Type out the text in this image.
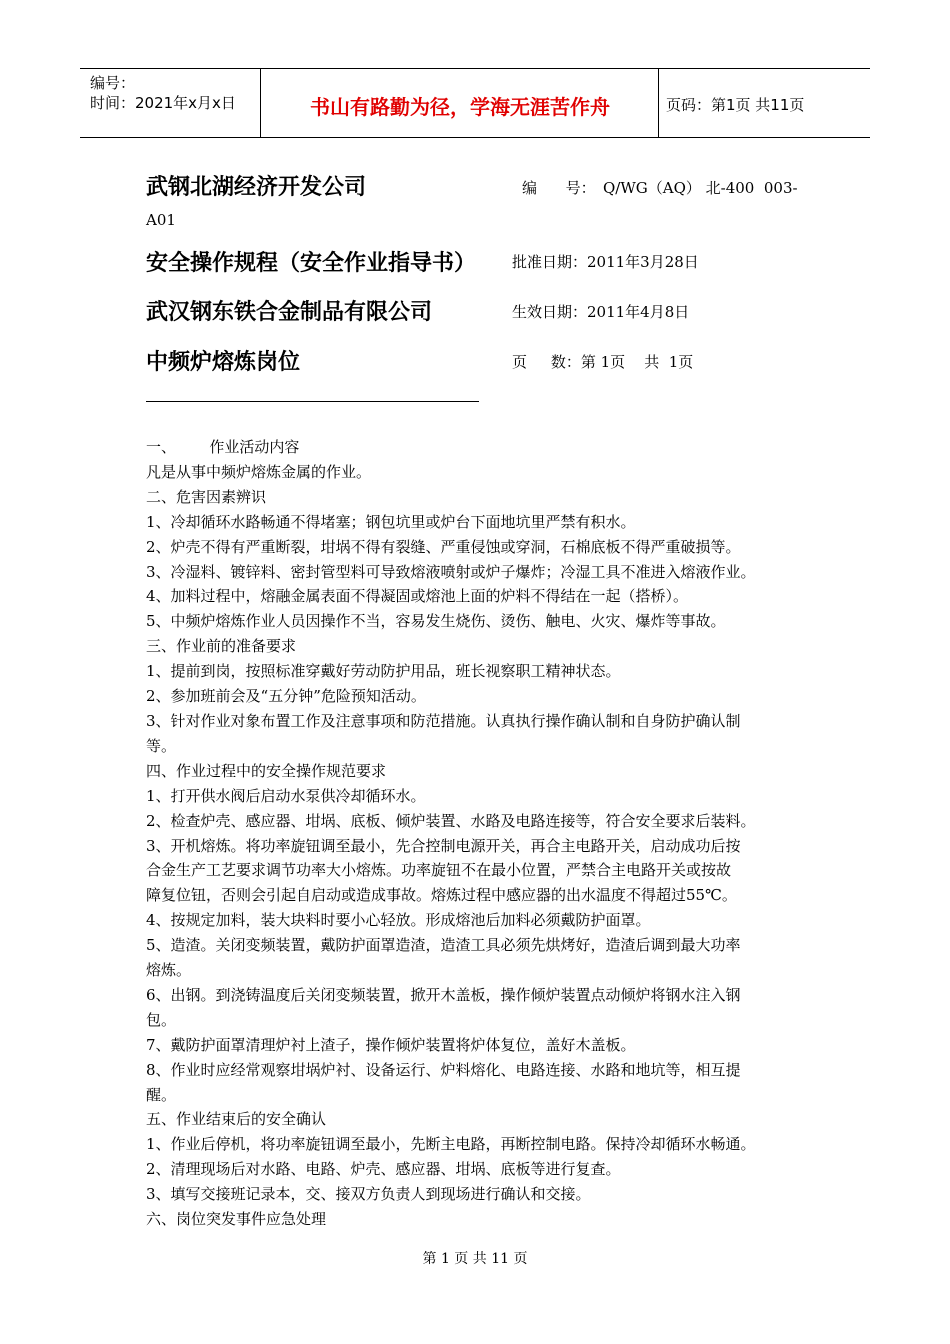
编号：
时间：2021年x月x日	书山有路勤为径，学海无涯苦作舟	页码：第1页 共11页
武钢北湖经济开发公司	编      号： Q/WG（AQ） 北-400  003-
A01
安全操作规程（安全作业指导书） 批准日期：2011年3月28日
武汉钢东铁合金制品有限公司	生效日期：2011年4月8日
中频炉熔炼岗位	页     数：第 1页    共  1页

一、       作业活动内容

凡是从事中频炉熔炼金属的作业。

二、危害因素辨识

1、冷却循环水路畅通不得堵塞；钢包坑里或炉台下面地坑里严禁有积水。

2、炉壳不得有严重断裂，坩埚不得有裂缝、严重侵蚀或穿洞，石棉底板不得严重破损等。

3、冷湿料、镀锌料、密封管型料可导致熔液喷射或炉子爆炸；冷湿工具不准进入熔液作业。

4、加料过程中，熔融金属表面不得凝固或熔池上面的炉料不得结在一起（搭桥）。

5、中频炉熔炼作业人员因操作不当，容易发生烧伤、烫伤、触电、火灾、爆炸等事故。

三、作业前的准备要求

1、提前到岗，按照标准穿戴好劳动防护用品，班长视察职工精神状态。

2、参加班前会及“五分钟”危险预知活动。

3、针对作业对象布置工作及注意事项和防范措施。认真执行操作确认制和自身防护确认制

等。

四、作业过程中的安全操作规范要求

1、打开供水阀后启动水泵供冷却循环水。

2、检查炉壳、感应器、坩埚、底板、倾炉装置、水路及电路连接等，符合安全要求后装料。

3、开机熔炼。将功率旋钮调至最小，先合控制电源开关，再合主电路开关，启动成功后按

合金生产工艺要求调节功率大小熔炼。功率旋钮不在最小位置，严禁合主电路开关或按故

障复位钮，否则会引起自启动或造成事故。熔炼过程中感应器的出水温度不得超过55℃。

4、按规定加料，装大块料时要小心轻放。形成熔池后加料必须戴防护面罩。

5、造渣。关闭变频装置，戴防护面罩造渣，造渣工具必须先烘烤好，造渣后调到最大功率

熔炼。

6、出钢。到浇铸温度后关闭变频装置，掀开木盖板，操作倾炉装置点动倾炉将钢水注入钢

包。

7、戴防护面罩清理炉衬上渣子，操作倾炉装置将炉体复位，盖好木盖板。

8、作业时应经常观察坩埚炉衬、设备运行、炉料熔化、电路连接、水路和地坑等，相互提

醒。

五、作业结束后的安全确认

1、作业后停机，将功率旋钮调至最小，先断主电路，再断控制电路。保持冷却循环水畅通。

2、清理现场后对水路、电路、炉壳、感应器、坩埚、底板等进行复查。

3、填写交接班记录本，交、接双方负责人到现场进行确认和交接。

六、岗位突发事件应急处理

第 1 页 共 11 页
